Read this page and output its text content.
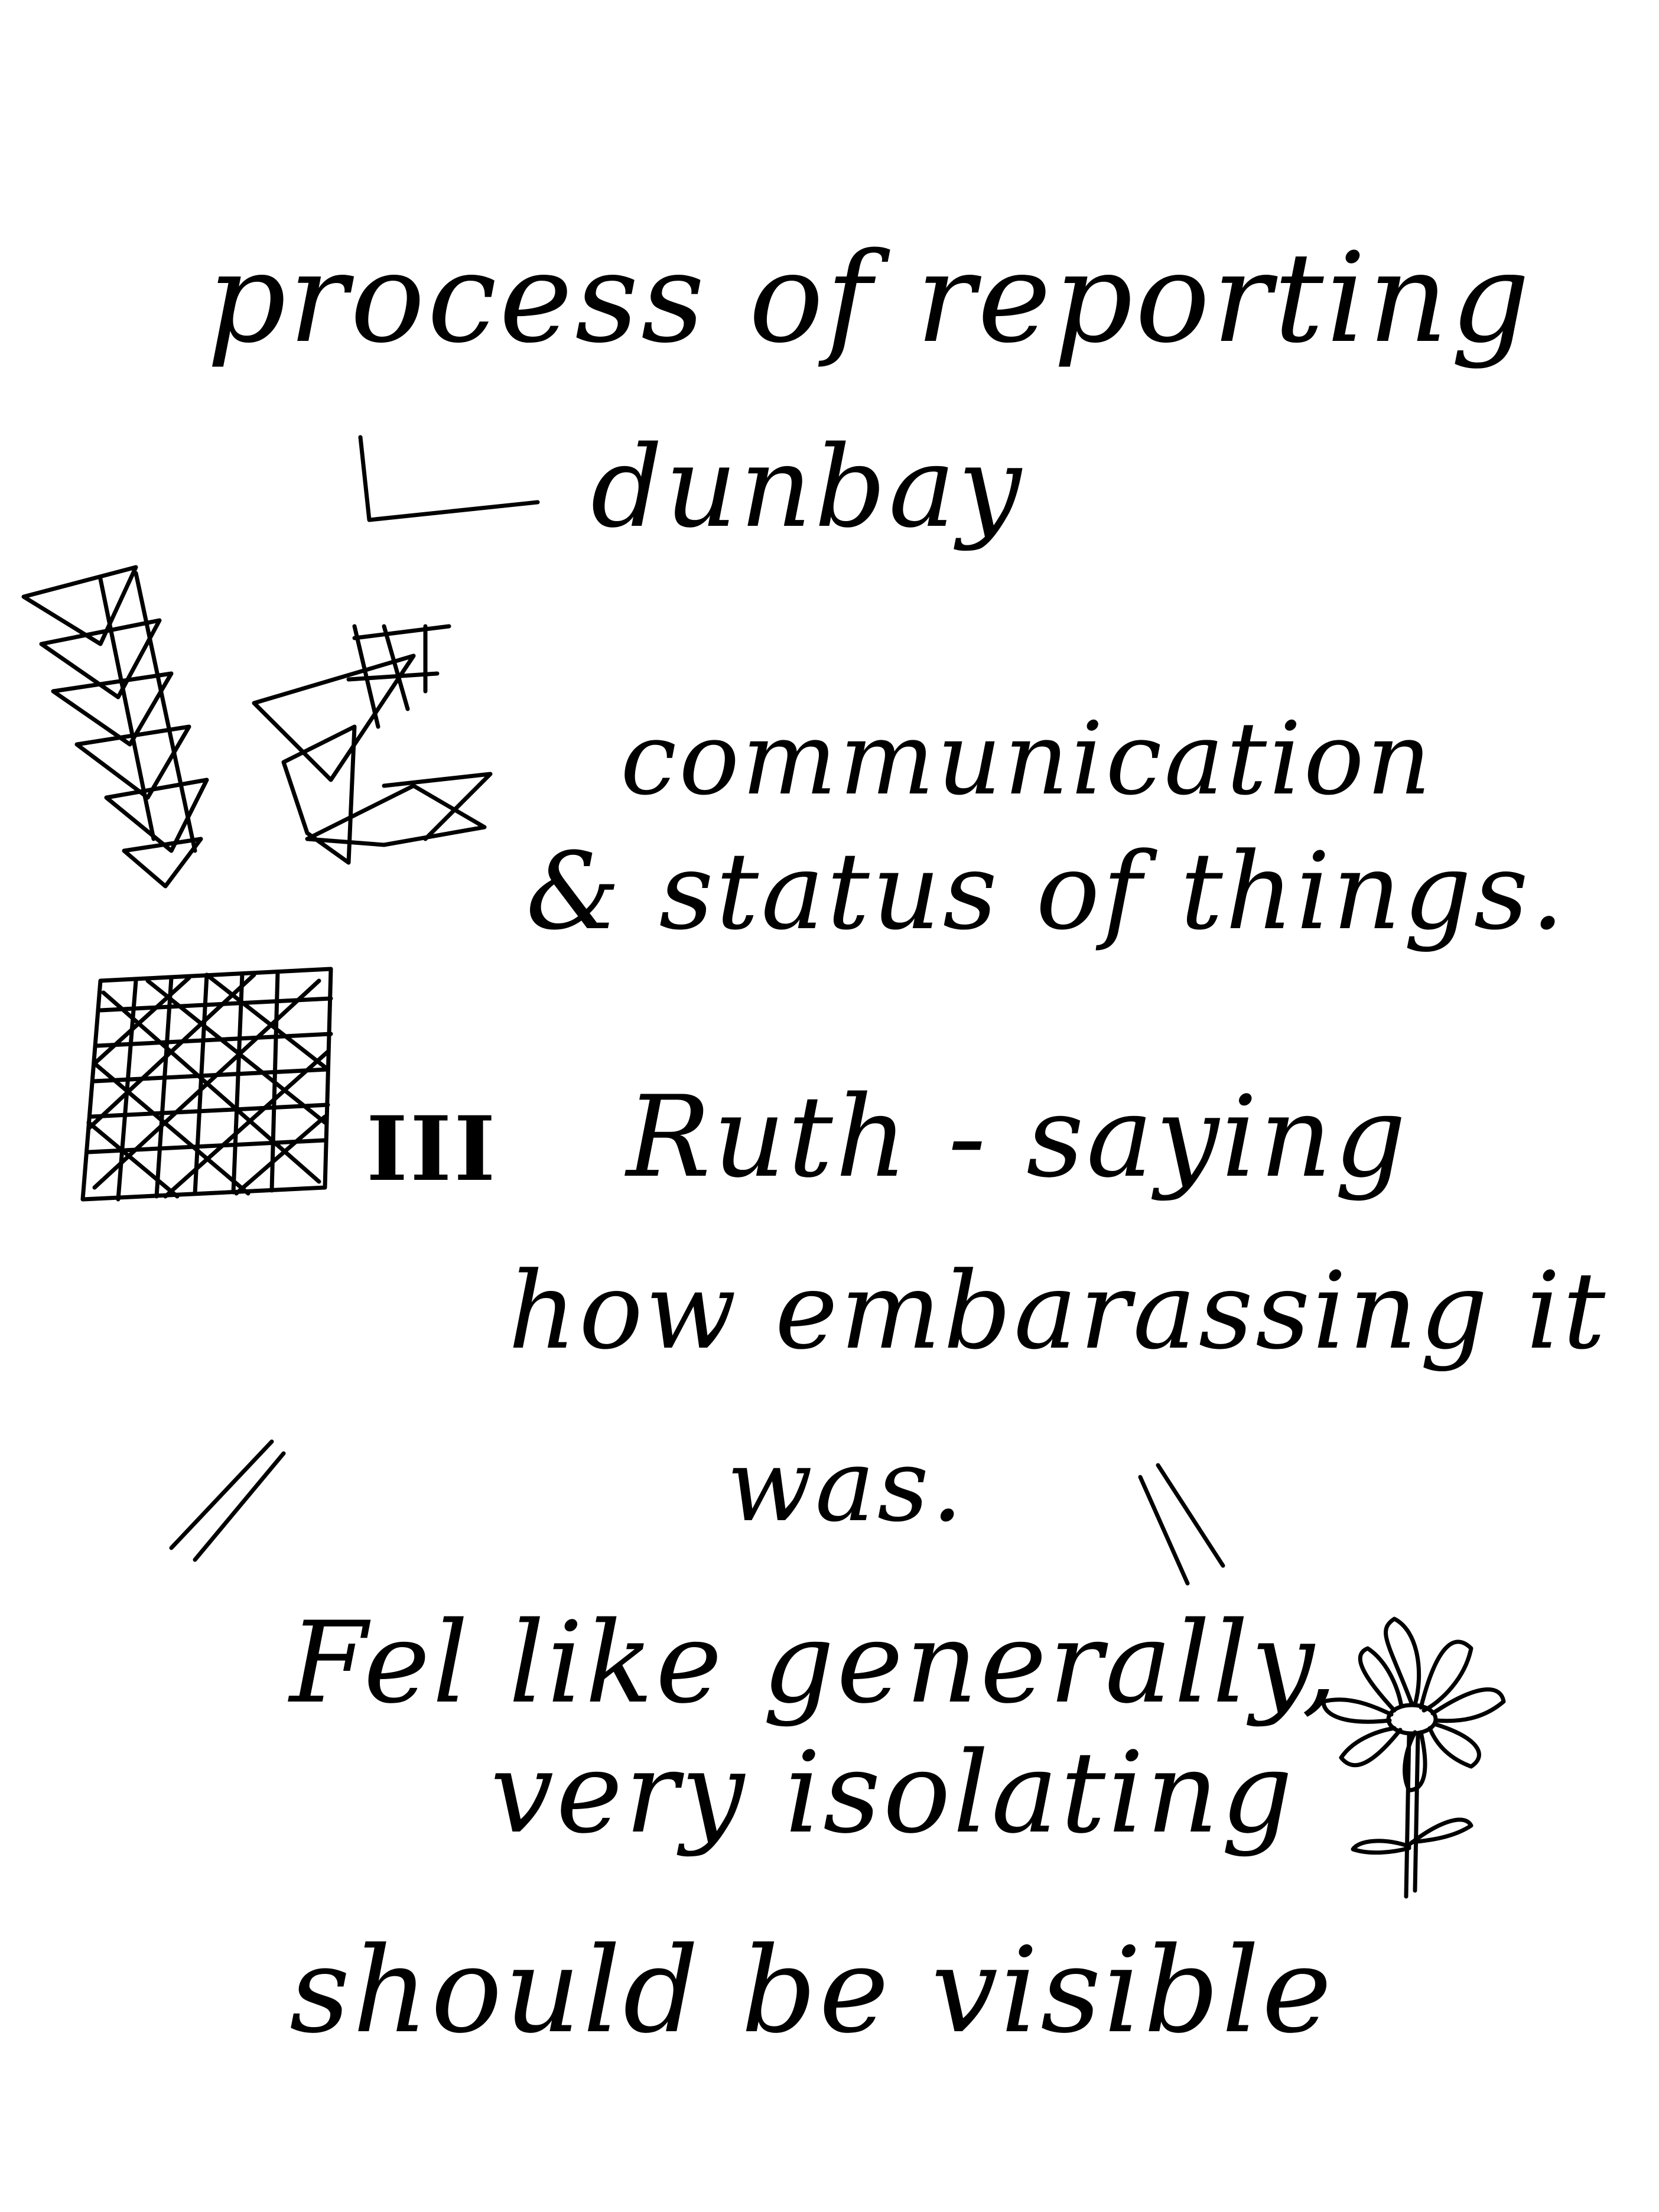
process of reporting
dunbay
communication
& status of things.
III Ruth - saying
how embarassing it
was.
Fel like generally,
very isolating
should be visible
